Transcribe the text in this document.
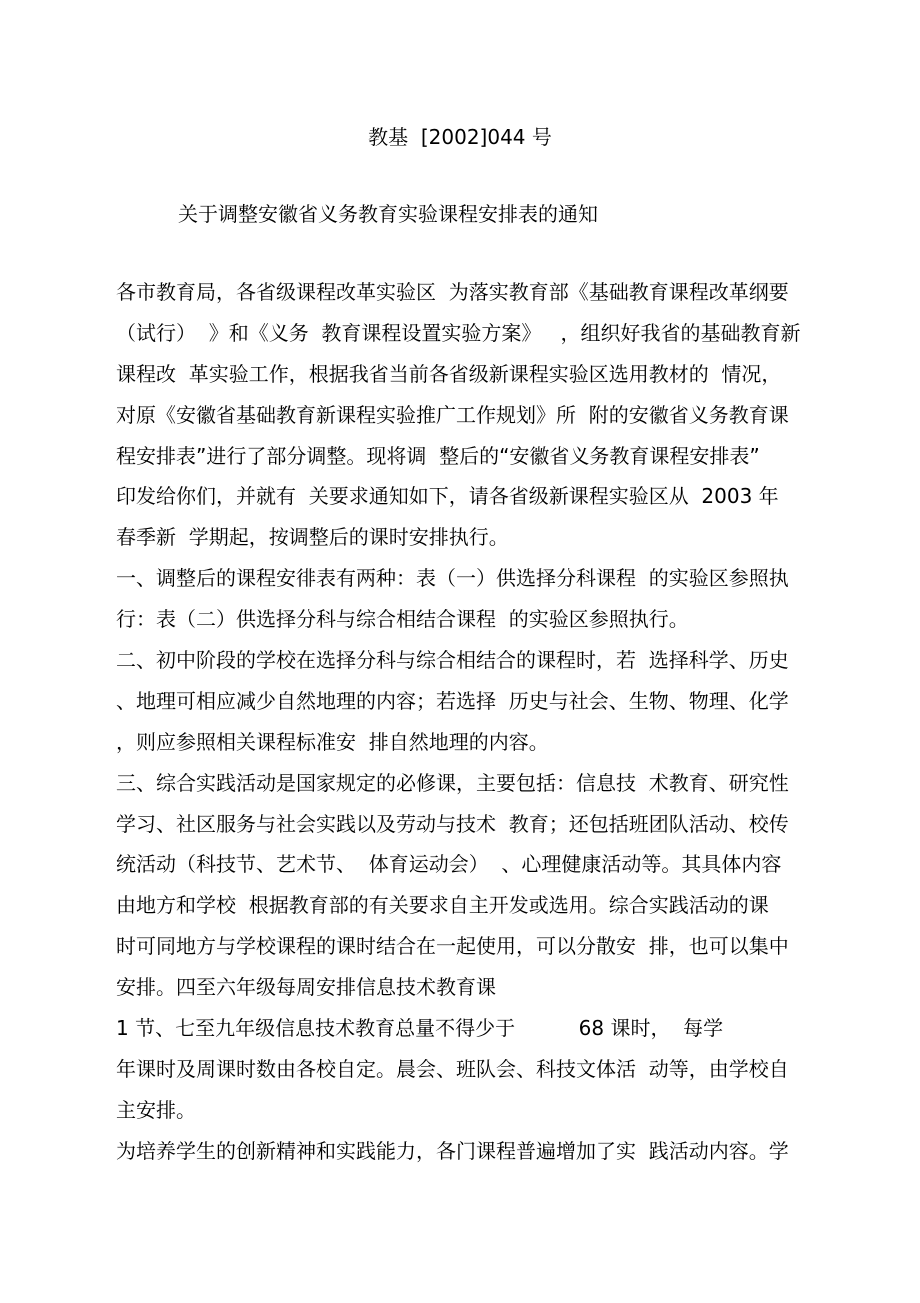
教基  [2002]044 号
关于调整安徽省义务教育实验课程安排表的通知
各市教育局，各省级课程改革实验区  为落实教育部《基础教育课程改革纲要
（试行）  》和《义务  教育课程设置实验方案》   ，组织好我省的基础教育新
课程改  革实验工作，根据我省当前各省级新课程实验区选用教材的  情况，
对原《安徽省基础教育新课程实验推广工作规划》所  附的安徽省义务教育课
程安排表”进行了部分调整。现将调  整后的“安徽省义务教育课程安排表”
印发给你们，并就有  关要求通知如下，请各省级新课程实验区从  2003 年
春季新  学期起，按调整后的课时安排执行。
一、调整后的课程安徘表有两种：表（一）供选择分科课程  的实验区参照执
行：表（二）供选择分科与综合相结合课程  的实验区参照执行。
二、初中阶段的学校在选择分科与综合相结合的课程时，若  选择科学、历史
、地理可相应减少自然地理的内容；若选择  历史与社会、生物、物理、化学
，则应参照相关课程标准安  排自然地理的内容。
三、综合实践活动是国家规定的必修课，主要包括：信息技  术教育、研究性
学习、社区服务与社会实践以及劳动与技术  教育；还包括班团队活动、校传
统活动（科技节、艺术节、  体育运动会）  、心理健康活动等。其具体内容
由地方和学校  根据教育部的有关要求自主开发或选用。综合实践活动的课
时可同地方与学校课程的课时结合在一起使用，可以分散安  排，也可以集中
安排。四至六年级每周安排信息技术教育课
1 节、七至九年级信息技术教育总量不得少于          68 课时，  每学
年课时及周课时数由各校自定。晨会、班队会、科技文体活  动等，由学校自
主安排。
为培养学生的创新精神和实践能力，各门课程普遍增加了实  践活动内容。学
